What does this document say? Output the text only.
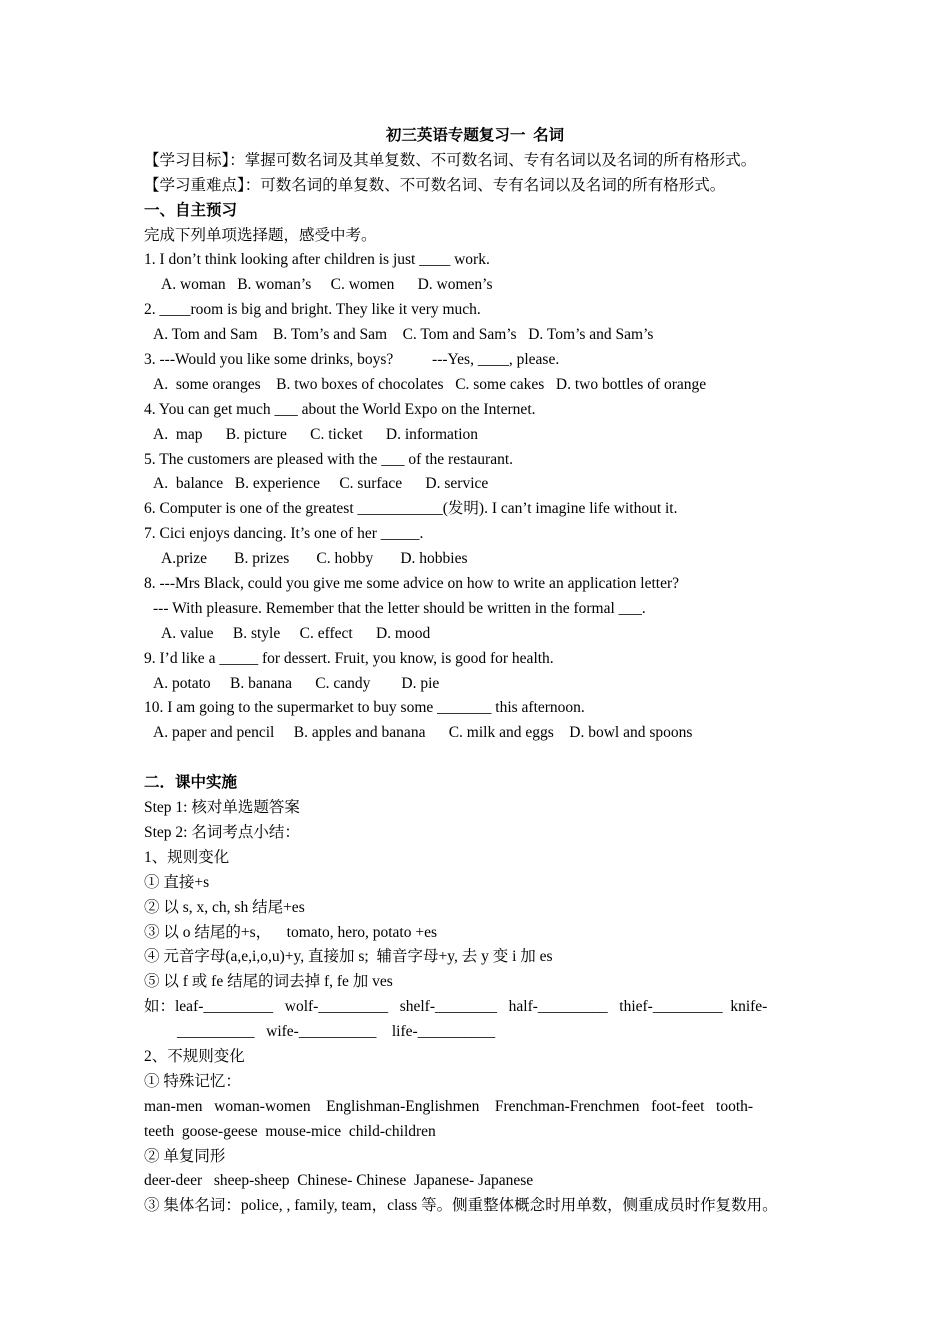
初三英语专题复习一  名词
【学习目标】：掌握可数名词及其单复数、不可数名词、专有名词以及名词的所有格形式。
【学习重难点】：可数名词的单复数、不可数名词、专有名词以及名词的所有格形式。
一、自主预习
完成下列单项选择题，感受中考。
1. I don’t think looking after children is just ____ work.
A. woman   B. woman’s     C. women      D. women’s
2. ____room is big and bright. They like it very much.
A. Tom and Sam    B. Tom’s and Sam    C. Tom and Sam’s   D. Tom’s and Sam’s
3. ---Would you like some drinks, boys?          ---Yes, ____, please.
A.  some oranges    B. two boxes of chocolates   C. some cakes   D. two bottles of orange
4. You can get much ___ about the World Expo on the Internet.
A.  map      B. picture      C. ticket      D. information
5. The customers are pleased with the ___ of the restaurant.
A.  balance   B. experience     C. surface      D. service
6. Computer is one of the greatest ___________(发明). I can’t imagine life without it.
7. Cici enjoys dancing. It’s one of her _____.
A.prize       B. prizes       C. hobby       D. hobbies
8. ---Mrs Black, could you give me some advice on how to write an application letter?
--- With pleasure. Remember that the letter should be written in the formal ___.
A. value     B. style     C. effect      D. mood
9. I’d like a _____ for dessert. Fruit, you know, is good for health.
A. potato     B. banana      C. candy        D. pie
10. I am going to the supermarket to buy some _______ this afternoon.
A. paper and pencil     B. apples and banana      C. milk and eggs    D. bowl and spoons
二．课中实施
Step 1: 核对单选题答案
Step 2: 名词考点小结：
1、规则变化
① 直接+s
② 以 s, x, ch, sh 结尾+es
③ 以 o 结尾的+s，    tomato, hero, potato +es
④ 元音字母(a,e,i,o,u)+y, 直接加 s;  辅音字母+y, 去 y 变 i 加 es
⑤ 以 f 或 fe 结尾的词去掉 f, fe 加 ves
如：leaf-_________   wolf-_________   shelf-________   half-_________   thief-_________  knife-
__________   wife-__________    life-__________
2、不规则变化
① 特殊记忆：
man-men   woman-women    Englishman-Englishmen    Frenchman-Frenchmen   foot-feet   tooth-
teeth  goose-geese  mouse-mice  child-children
② 单复同形
deer-deer   sheep-sheep  Chinese- Chinese  Japanese- Japanese
③ 集体名词：police, , family, team，class 等。侧重整体概念时用单数，侧重成员时作复数用。
